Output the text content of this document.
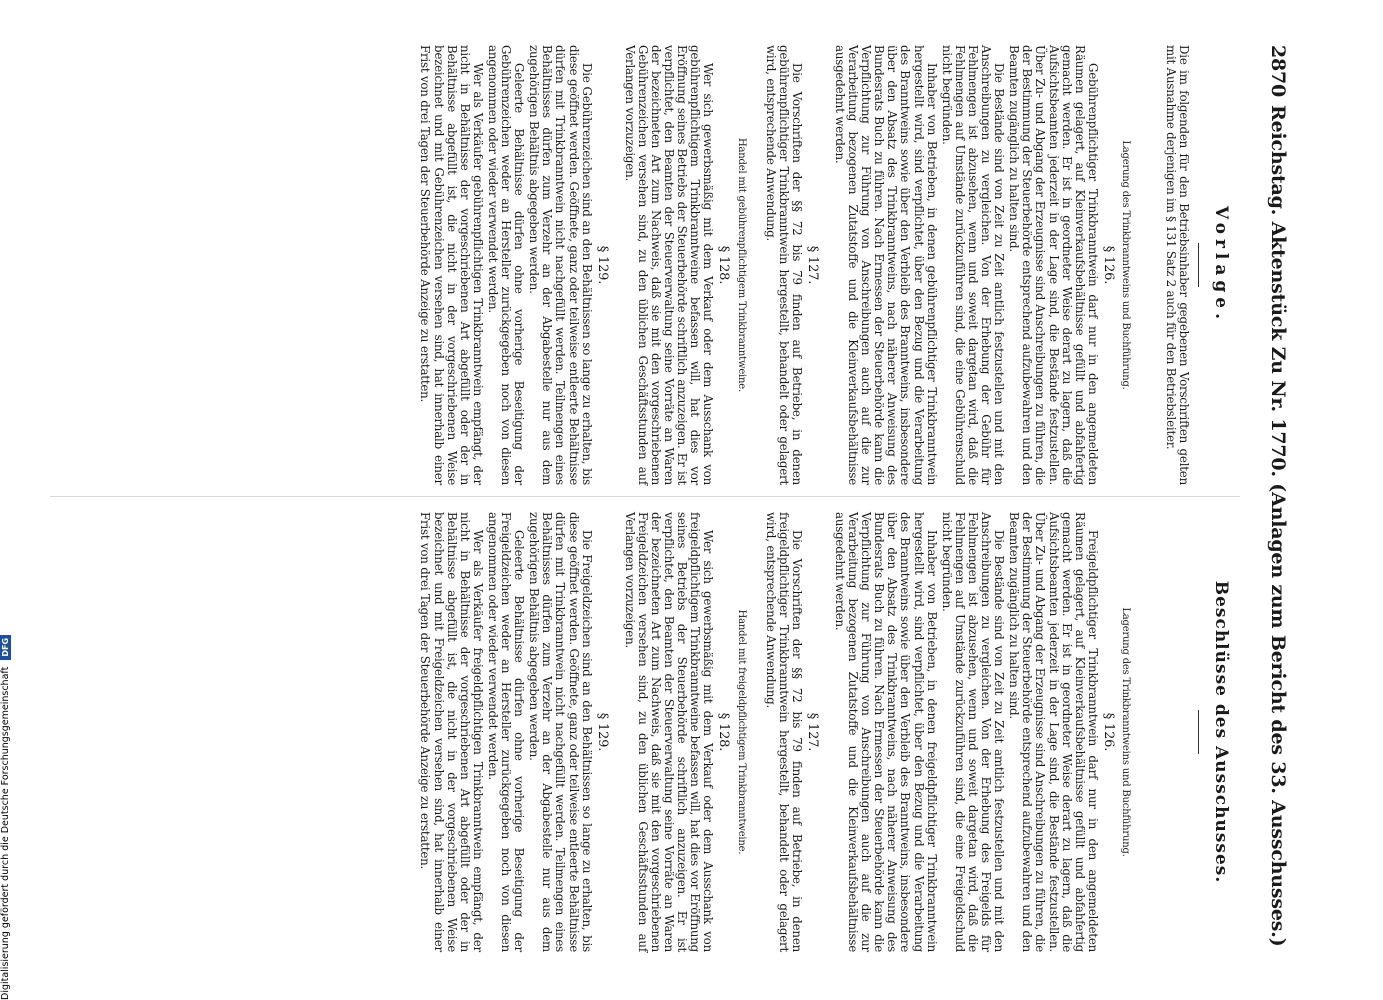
2870
Reichstag. Aktenstück Zu Nr. 1770. (Anlagen zum Bericht des 33. Ausschusses.)
Vorlage.
Die im folgenden für den Betriebsinhaber gegebenen Vorschriften gelten mit Ausnahme derjenigen im § 131 Satz 2 auch für den Betriebsleiter.
Lagerung des Trinkbranntweins und Buchführung.
§ 126.

Gebührenpflichtiger Trinkbranntwein darf nur in den angemeldeten Räumen gelagert, auf Kleinverkaufsbehältnisse gefüllt und abfahfertig gemacht werden. Er ist in geordneter Weise derart zu lagern, daß die Aufsichtsbeamten jederzeit in der Lage sind, die Bestände festzustellen. Über Zu- und Abgang der Erzeugnisse sind Anschreibungen zu führen, die der Bestimmung der Steuerbehörde entsprechend aufzubewahren und den Beamten zugänglich zu halten sind.

Die Bestände sind von Zeit zu Zeit amtlich festzustellen und mit den Anschreibungen zu vergleichen. Von der Erhebung der Gebühr für Fehlmengen ist abzusehen, wenn und soweit dargetan wird, daß die Fehlmengen auf Umstände zurückzuführen sind, die eine Gebührenschuld nicht begründen.

Inhaber von Betrieben, in denen gebührenpflichtiger Trinkbranntwein hergestellt wird, sind verpflichtet, über den Bezug und die Verarbeitung des Branntweins sowie über den Verbleib des Branntweins, insbesondere über den Absatz des Trinkbranntweins, nach näherer Anweisung des Bundesrats Buch zu führen. Nach Ermessen der Steuerbehörde kann die Verpflichtung zur Führung von Anschreibungen auch auf die zur Verarbeitung bezogenen Zutatstoffe und die Kleinverkaufsbehältnisse ausgedehnt werden.

§ 127.

Die Vorschriften der §§ 72 bis 79 finden auf Betriebe, in denen gebührenpflichtiger Trinkbranntwein hergestellt, behandelt oder gelagert wird, entsprechende Anwendung.

Handel mit gebührenpflichtigem Trinkbranntweine.
§ 128.

Wer sich gewerbsmäßig mit dem Verkauf oder dem Ausschank von gebührenpflichtigem Trinkbranntweine befassen will, hat dies vor Eröffnung seines Betriebs der Steuerbehörde schriftlich anzuzeigen. Er ist verpflichtet, den Beamten der Steuerverwaltung seine Vorräte an Waren der bezeichneten Art zum Nachweis, daß sie mit den vorgeschriebenen Gebührenzeichen versehen sind, zu den üblichen Geschäftsstunden auf Verlangen vorzuzeigen.

§ 129.

Die Gebührenzeichen sind an den Behältnissen so lange zu erhalten, bis diese geöffnet werden. Geöffnete, ganz oder teilweise entleerte Behältnisse dürfen mit Trinkbranntwein nicht nachgefüllt werden. Teilmengen eines Behältnisses dürfen zum Verzehr an der Abgabestelle nur aus dem zugehörigen Behältnis abgegeben werden.

Geleerte Behältnisse dürfen ohne vorherige Beseitigung der Gebührenzeichen weder an Hersteller zurückgegeben noch von diesen angenommen oder wieder verwendet werden.

Wer als Verkäufer gebührenpflichtigen Trinkbranntwein empfängt, der nicht in Behältnisse der vorgeschriebenen Art abgefüllt oder der in Behältnisse abgefüllt ist, die nicht in der vorgeschriebenen Weise bezeichnet und mit Gebührenzeichen versehen sind, hat innerhalb einer Frist von drei Tagen der Steuerbehörde Anzeige zu erstatten.

Beschlüsse des Ausschusses.
Lagerung des Trinkbranntweins und Buchführung.
§ 126.

Freigeldpflichtiger Trinkbranntwein darf nur in den angemeldeten Räumen gelagert, auf Kleinverkaufsbehältnisse gefüllt und abfahfertig gemacht werden. Er ist in geordneter Weise derart zu lagern, daß die Aufsichtsbeamten jederzeit in der Lage sind, die Bestände festzustellen. Über Zu- und Abgang der Erzeugnisse sind Anschreibungen zu führen, die der Bestimmung der Steuerbehörde entsprechend aufzubewahren und den Beamten zugänglich zu halten sind.

Die Bestände sind von Zeit zu Zeit amtlich festzustellen und mit den Anschreibungen zu vergleichen. Von der Erhebung des Freigelds für Fehlmengen ist abzusehen, wenn und soweit dargetan wird, daß die Fehlmengen auf Umstände zurückzuführen sind, die eine Freigeldschuld nicht begründen.

Inhaber von Betrieben, in denen freigeldpflichtiger Trinkbranntwein hergestellt wird, sind verpflichtet, über den Bezug und die Verarbeitung des Branntweins sowie über den Verbleib des Branntweins, insbesondere über den Absatz des Trinkbranntweins, nach näherer Anweisung des Bundesrats Buch zu führen. Nach Ermessen der Steuerbehörde kann die Verpflichtung zur Führung von Anschreibungen auch auf die zur Verarbeitung bezogenen Zutatstoffe und die Kleinverkaufsbehältnisse ausgedehnt werden.

§ 127.

Die Vorschriften der §§ 72 bis 79 finden auf Betriebe, in denen freigeldpflichtiger Trinkbranntwein hergestellt, behandelt oder gelagert wird, entsprechende Anwendung.

Handel mit freigeldpflichtigem Trinkbranntweine.
§ 128.

Wer sich gewerbsmäßig mit dem Verkauf oder dem Ausschank von freigeldpflichtigem Trinkbranntweine befassen will, hat dies vor Eröffnung seines Betriebs der Steuerbehörde schriftlich anzuzeigen. Er ist verpflichtet, den Beamten der Steuerverwaltung seine Vorräte an Waren der bezeichneten Art zum Nachweis, daß sie mit den vorgeschriebenen Freigeldzeichen versehen sind, zu den üblichen Geschäftsstunden auf Verlangen vorzuzeigen.

§ 129.

Die Freigeldzeichen sind an den Behältnissen so lange zu erhalten, bis diese geöffnet werden. Geöffnete, ganz oder teilweise entleerte Behältnisse dürfen mit Trinkbranntwein nicht nachgefüllt werden. Teilmengen eines Behältnisses dürfen zum Verzehr an der Abgabestelle nur aus dem zugehörigen Behältnis abgegeben werden.

Geleerte Behältnisse dürfen ohne vorherige Beseitigung der Freigeldzeichen weder an Hersteller zurückgegeben noch von diesen angenommen oder wieder verwendet werden.

Wer als Verkäufer freigeldpflichtigen Trinkbranntwein empfängt, der nicht in Behältnisse der vorgeschriebenen Art abgefüllt oder der in Behältnisse abgefüllt ist, die nicht in der vorgeschriebenen Weise bezeichnet und mit Freigeldzeichen versehen sind, hat innerhalb einer Frist von drei Tagen der Steuerbehörde Anzeige zu erstatten.

Digitalisierung gefördert durch die Deutsche Forschungsgemeinschaft DFG
